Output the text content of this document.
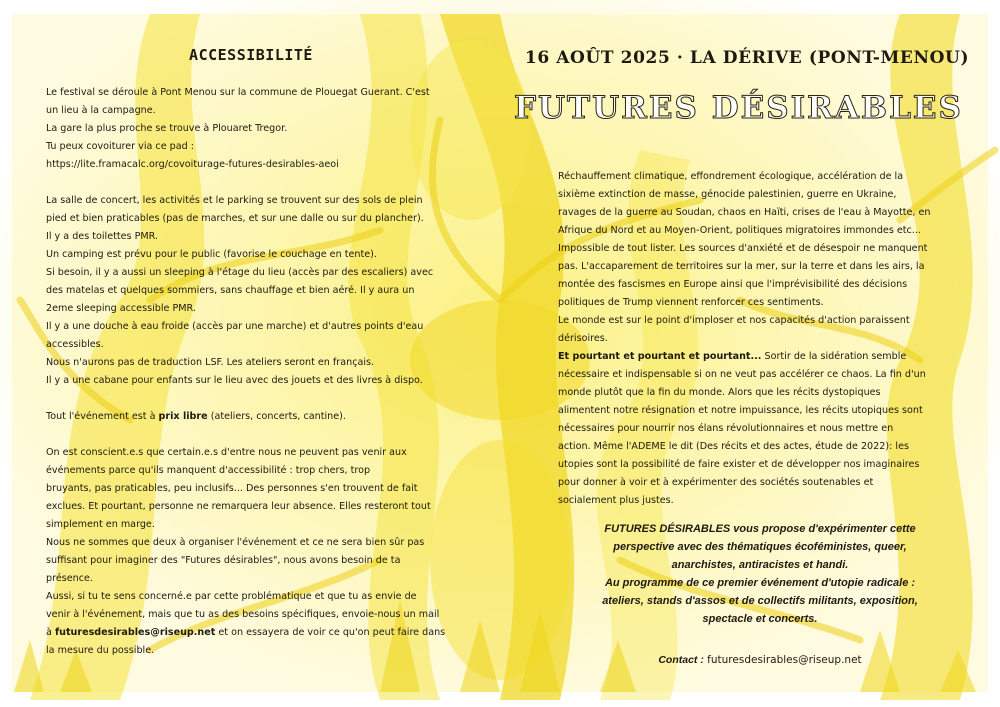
ACCESSIBILITÉ

Le festival se déroule à Pont Menou sur la commune de Plouegat Guerant. C'est

un lieu à la campagne.

La gare la plus proche se trouve à Plouaret Tregor.

Tu peux covoiturer via ce pad :

https://lite.framacalc.org/covoiturage-futures-desirables-aeoi

La salle de concert, les activités et le parking se trouvent sur des sols de plein

pied et bien praticables (pas de marches, et sur une dalle ou sur du plancher).

Il y a des toilettes PMR.

Un camping est prévu pour le public (favorise le couchage en tente).

Si besoin, il y a aussi un sleeping à l'étage du lieu (accès par des escaliers) avec

des matelas et quelques sommiers, sans chauffage et bien aéré. Il y aura un

2eme sleeping accessible PMR.

Il y a une douche à eau froide (accès par une marche) et d'autres points d'eau

accessibles.

Nous n'aurons pas de traduction LSF. Les ateliers seront en français.

Il y a une cabane pour enfants sur le lieu avec des jouets et des livres à dispo.

Tout l'événement est à prix libre (ateliers, concerts, cantine).

On est conscient.e.s que certain.e.s d'entre nous ne peuvent pas venir aux

événements parce qu'ils manquent d'accessibilité : trop chers, trop

bruyants, pas praticables, peu inclusifs... Des personnes s'en trouvent de fait

exclues. Et pourtant, personne ne remarquera leur absence. Elles resteront tout

simplement en marge.

Nous ne sommes que deux à organiser l'événement et ce ne sera bien sûr pas

suffisant pour imaginer des "Futures désirables", nous avons besoin de ta

présence.

Aussi, si tu te sens concerné.e par cette problématique et que tu as envie de

venir à l'événement, mais que tu as des besoins spécifiques, envoie-nous un mail

à futuresdesirables@riseup.net et on essayera de voir ce qu'on peut faire dans

la mesure du possible.

16 AOÛT 2025 · LA DÉRIVE (PONT-MENOU)
FUTURES DÉSIRABLES

Réchauffement climatique, effondrement écologique, accélération de la

sixième extinction de masse, génocide palestinien, guerre en Ukraine,

ravages de la guerre au Soudan, chaos en Haïti, crises de l'eau à Mayotte, en

Afrique du Nord et au Moyen-Orient, politiques migratoires immondes etc...

Impossible de tout lister. Les sources d'anxiété et de désespoir ne manquent

pas. L'accaparement de territoires sur la mer, sur la terre et dans les airs, la

montée des fascismes en Europe ainsi que l'imprévisibilité des décisions

politiques de Trump viennent renforcer ces sentiments.

Le monde est sur le point d'imploser et nos capacités d'action paraissent

dérisoires.

Et pourtant et pourtant et pourtant... Sortir de la sidération semble

nécessaire et indispensable si on ne veut pas accélérer ce chaos. La fin d'un

monde plutôt que la fin du monde. Alors que les récits dystopiques

alimentent notre résignation et notre impuissance, les récits utopiques sont

nécessaires pour nourrir nos élans révolutionnaires et nous mettre en

action. Même l'ADEME le dit (Des récits et des actes, étude de 2022): les

utopies sont la possibilité de faire exister et de développer nos imaginaires

pour donner à voir et à expérimenter des sociétés soutenables et

socialement plus justes.

FUTURES DÉSIRABLES vous propose d'expérimenter cette

perspective avec des thématiques écoféministes, queer,

anarchistes, antiracistes et handi.

Au programme de ce premier événement d'utopie radicale :

ateliers, stands d'assos et de collectifs militants, exposition,

spectacle et concerts.

Contact : futuresdesirables@riseup.net
